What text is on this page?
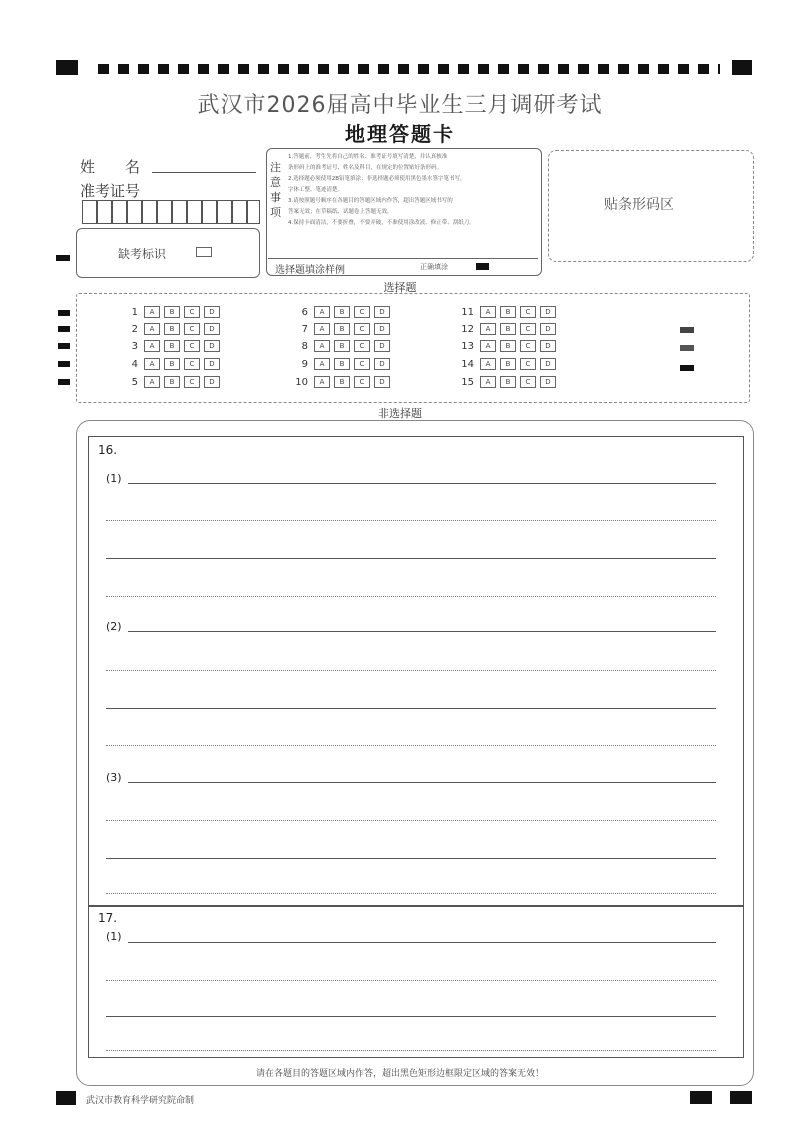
武汉市2026届高中毕业生三月调研考试
地理答题卡
姓　　名
准考证号
缺考标识
注意事项
1.答题前，考生先将自己的姓名、准考证号填写清楚，并认真核准
条形码上的准考证号、姓名及科目，在规定的位置贴好条形码。
2.选择题必须使用2B铅笔填涂；非选择题必须使用黑色墨水签字笔书写，
字体工整、笔迹清楚。
3.请按照题号顺序在各题目的答题区域内作答，超出答题区域书写的
答案无效；在草稿纸、试题卷上答题无效。
4.保持卡面清洁，不要折叠，不要弄破，不准使用涂改液、修正带、刮纸刀。
选择题填涂样例	正确填涂
贴条形码区
选择题
1	A	B	C	D
2	A	B	C	D
3	A	B	C	D
4	A	B	C	D
5	A	B	C	D
6	A	B	C	D
7	A	B	C	D
8	A	B	C	D
9	A	B	C	D
10	A	B	C	D
11	A	B	C	D
12	A	B	C	D
13	A	B	C	D
14	A	B	C	D
15	A	B	C	D
非选择题
16.
(1)
(2)
(3)
17.
(1)
请在各题目的答题区域内作答，超出黑色矩形边框限定区域的答案无效！
武汉市教育科学研究院命制
